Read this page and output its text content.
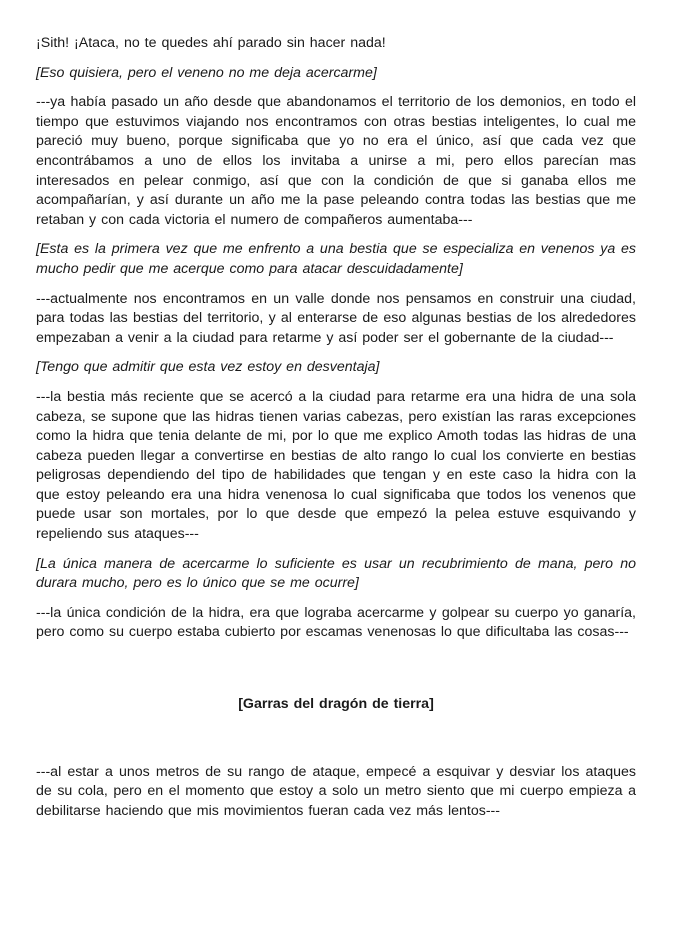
¡Sith! ¡Ataca, no te quedes ahí parado sin hacer nada!

[Eso quisiera, pero el veneno no me deja acercarme]

---ya había pasado un año desde que abandonamos el territorio de los demonios, en todo el tiempo que estuvimos viajando nos encontramos con otras bestias inteligentes, lo cual me pareció muy bueno, porque significaba que yo no era el único, así que cada vez que encontrábamos a uno de ellos los invitaba a unirse a mi, pero ellos parecían mas interesados en pelear conmigo, así que con la condición de que si ganaba ellos me acompañarían, y así durante un año me la pase peleando contra todas las bestias que me retaban y con cada victoria el numero de compañeros aumentaba---

[Esta es la primera vez que me enfrento a una bestia que se especializa en venenos ya es mucho pedir que me acerque como para atacar descuidadamente]

---actualmente nos encontramos en un valle donde nos pensamos en construir una ciudad, para todas las bestias del territorio, y al enterarse de eso algunas bestias de los alrededores empezaban a venir a la ciudad para retarme y así poder ser el gobernante de la ciudad---

[Tengo que admitir que esta vez estoy en desventaja]

---la bestia más reciente que se acercó a la ciudad para retarme era una hidra de una sola cabeza, se supone que las hidras tienen varias cabezas, pero existían las raras excepciones como la hidra que tenia delante de mi, por lo que me explico Amoth todas las hidras de una cabeza pueden llegar a convertirse en bestias de alto rango lo cual los convierte en bestias peligrosas dependiendo del tipo de habilidades que tengan y en este caso la hidra con la que estoy peleando era una hidra venenosa lo cual significaba que todos los venenos que puede usar son mortales, por lo que desde que empezó la pelea estuve esquivando y repeliendo sus ataques---

[La única manera de acercarme lo suficiente es usar un recubrimiento de mana, pero no durara mucho, pero es lo único que se me ocurre]

---la única condición de la hidra, era que lograba acercarme y golpear su cuerpo yo ganaría, pero como su cuerpo estaba cubierto por escamas venenosas lo que dificultaba las cosas---

[Garras del dragón de tierra]

---al estar a unos metros de su rango de ataque, empecé a esquivar y desviar los ataques de su cola, pero en el momento que estoy a solo un metro siento que mi cuerpo empieza a debilitarse haciendo que mis movimientos fueran cada vez más lentos---
